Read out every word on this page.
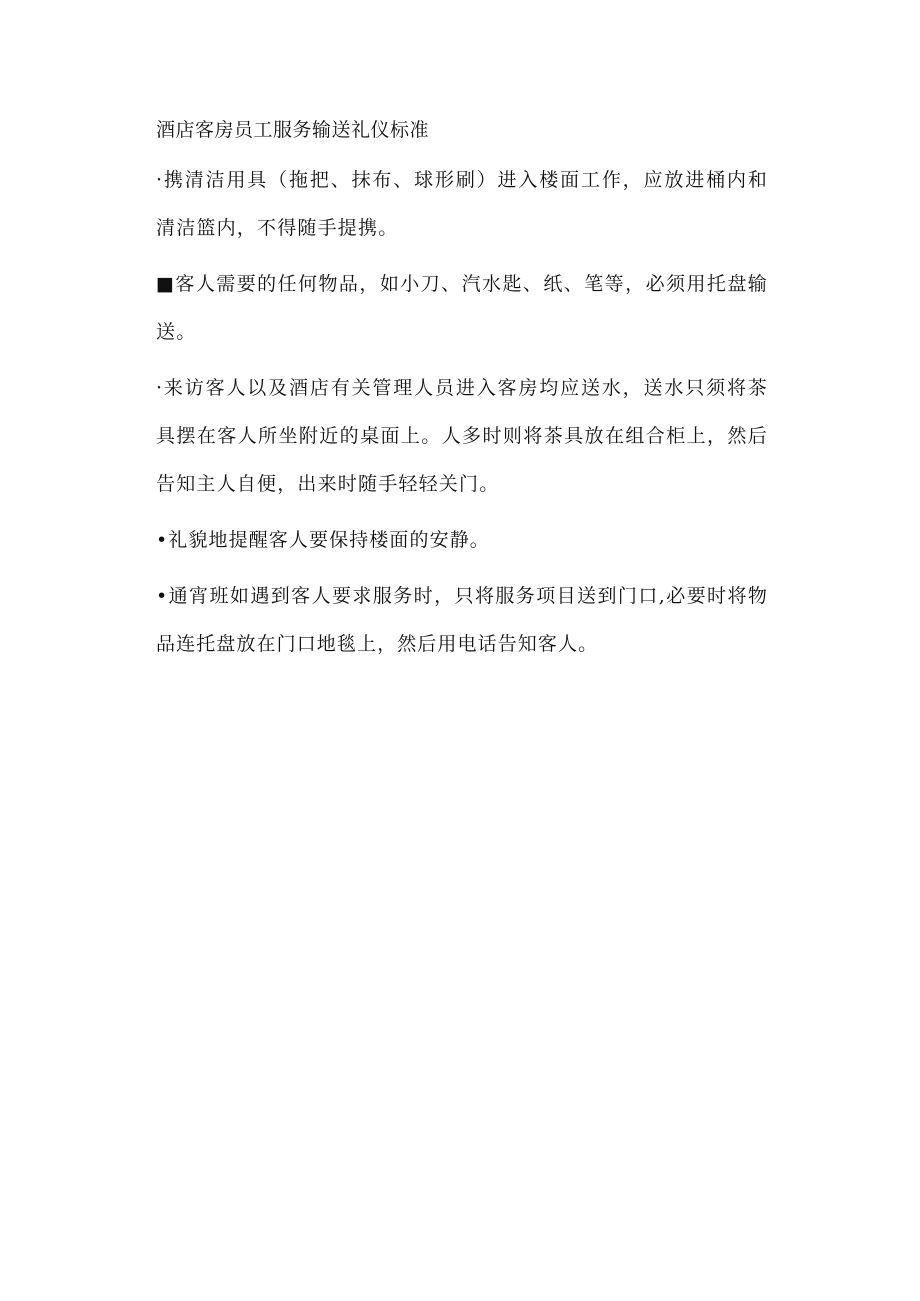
酒店客房员工服务输送礼仪标准

·携清洁用具（拖把、抹布、球形刷）进入楼面工作，应放进桶内和清洁篮内，不得随手提携。

■客人需要的任何物品，如小刀、汽水匙、纸、笔等，必须用托盘输送。

·来访客人以及酒店有关管理人员进入客房均应送水，送水只须将茶具摆在客人所坐附近的桌面上。人多时则将茶具放在组合柜上，然后告知主人自便，出来时随手轻轻关门。

•礼貌地提醒客人要保持楼面的安静。

•通宵班如遇到客人要求服务时，只将服务项目送到门口,必要时将物品连托盘放在门口地毯上，然后用电话告知客人。
